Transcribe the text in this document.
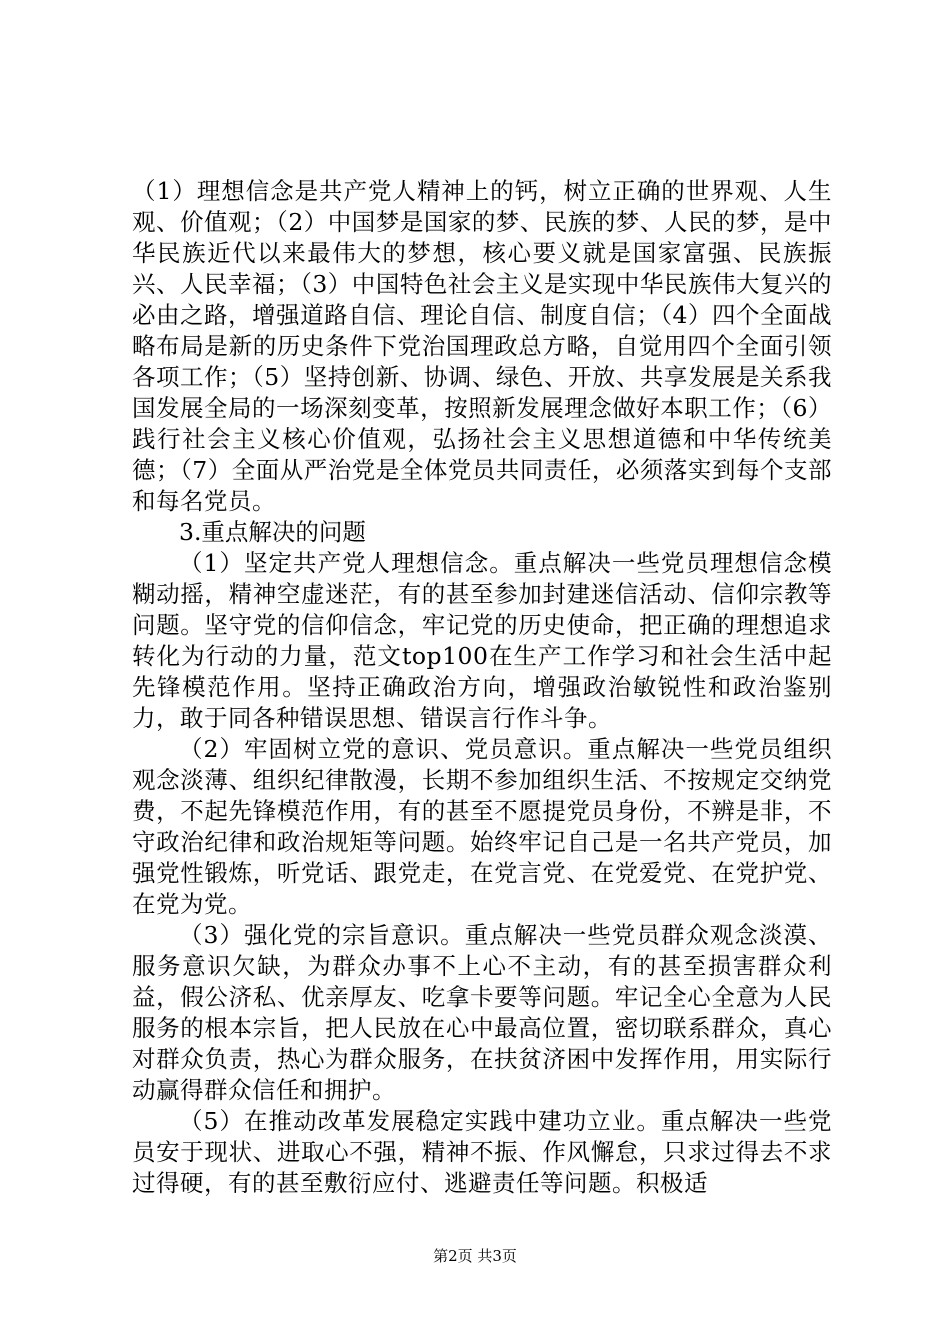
（1）理想信念是共产党人精神上的钙，树立正确的世界观、人生观、价值观；（2）中国梦是国家的梦、民族的梦、人民的梦，是中华民族近代以来最伟大的梦想，核心要义就是国家富强、民族振兴、人民幸福；（3）中国特色社会主义是实现中华民族伟大复兴的必由之路，增强道路自信、理论自信、制度自信；（4）四个全面战略布局是新的历史条件下党治国理政总方略，自觉用四个全面引领各项工作；（5）坚持创新、协调、绿色、开放、共享发展是关系我国发展全局的一场深刻变革，按照新发展理念做好本职工作；（6）践行社会主义核心价值观，弘扬社会主义思想道德和中华传统美德；（7）全面从严治党是全体党员共同责任，必须落实到每个支部和每名党员。

3.重点解决的问题

（1）坚定共产党人理想信念。重点解决一些党员理想信念模糊动摇，精神空虚迷茫，有的甚至参加封建迷信活动、信仰宗教等问题。坚守党的信仰信念，牢记党的历史使命，把正确的理想追求转化为行动的力量，范文top100在生产工作学习和社会生活中起先锋模范作用。坚持正确政治方向，增强政治敏锐性和政治鉴别力，敢于同各种错误思想、错误言行作斗争。

（2）牢固树立党的意识、党员意识。重点解决一些党员组织观念淡薄、组织纪律散漫，长期不参加组织生活、不按规定交纳党费，不起先锋模范作用，有的甚至不愿提党员身份，不辨是非，不守政治纪律和政治规矩等问题。始终牢记自己是一名共产党员，加强党性锻炼，听党话、跟党走，在党言党、在党爱党、在党护党、在党为党。

（3）强化党的宗旨意识。重点解决一些党员群众观念淡漠、服务意识欠缺，为群众办事不上心不主动，有的甚至损害群众利益，假公济私、优亲厚友、吃拿卡要等问题。牢记全心全意为人民服务的根本宗旨，把人民放在心中最高位置，密切联系群众，真心对群众负责，热心为群众服务，在扶贫济困中发挥作用，用实际行动赢得群众信任和拥护。

（5）在推动改革发展稳定实践中建功立业。重点解决一些党员安于现状、进取心不强，精神不振、作风懈怠，只求过得去不求过得硬，有的甚至敷衍应付、逃避责任等问题。积极适

第2页 共3页
